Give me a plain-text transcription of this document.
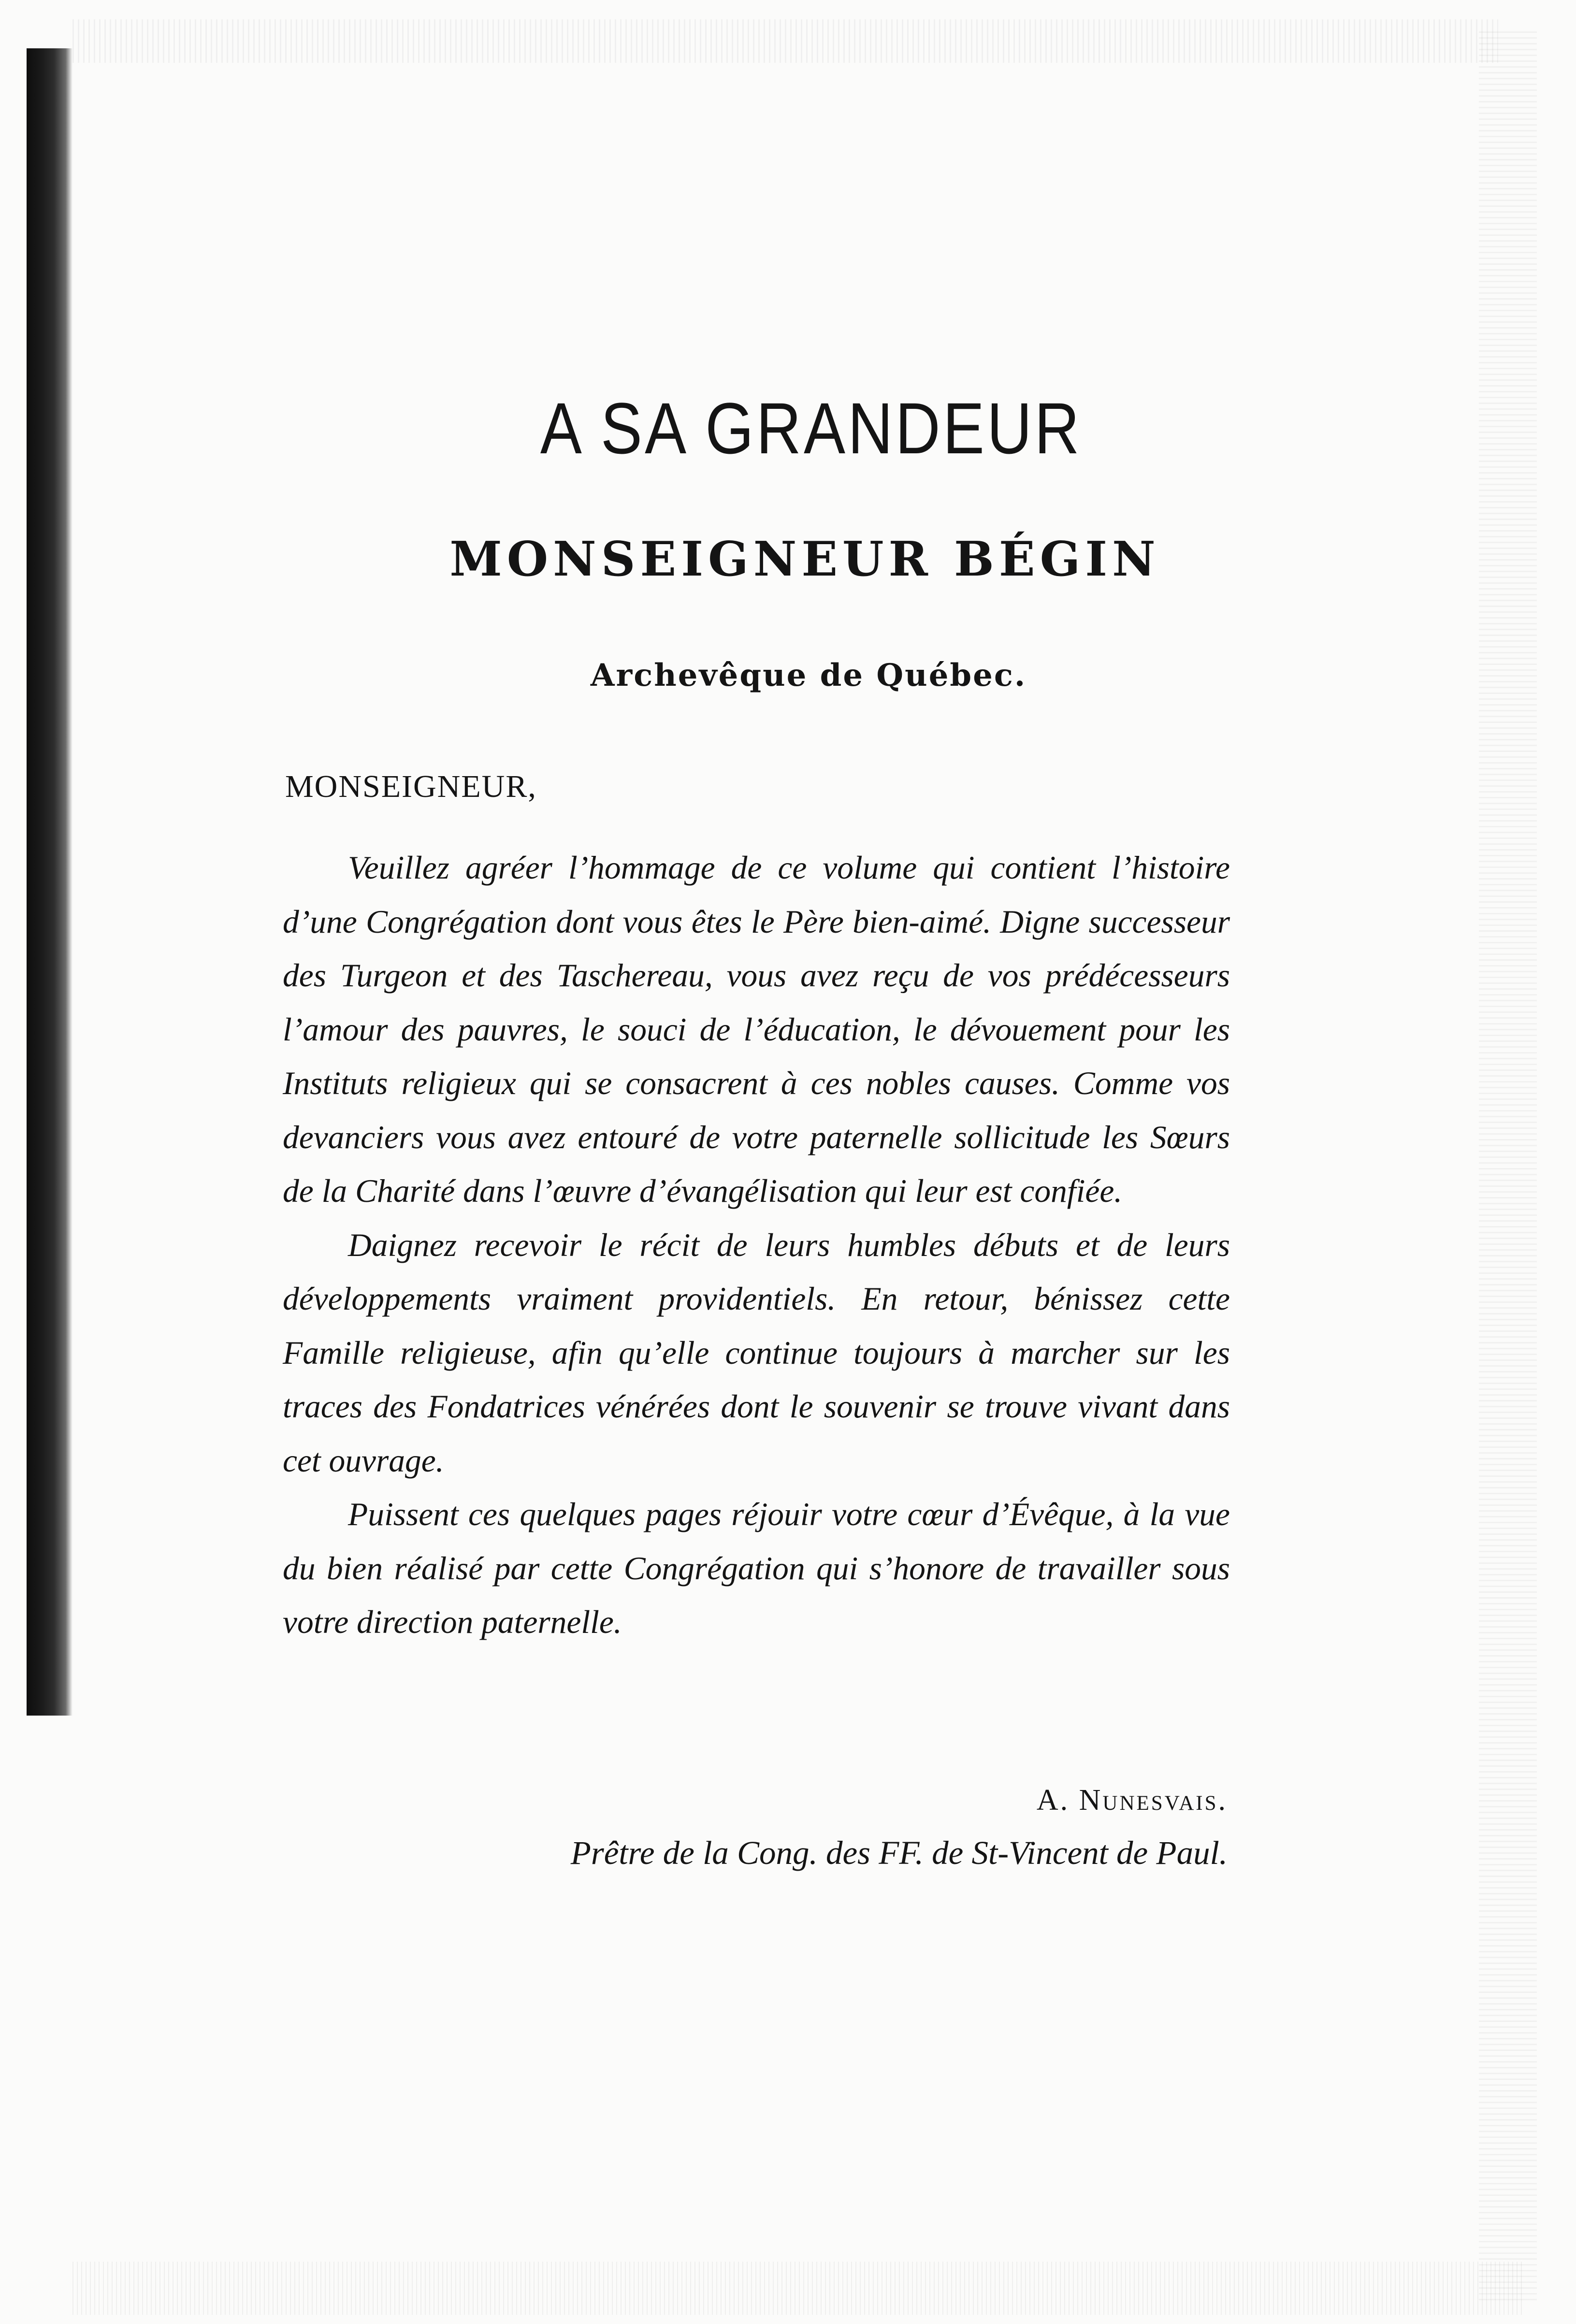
A SA GRANDEUR
MONSEIGNEUR BÉGIN
Archevêque de Québec.
MONSEIGNEUR,

Veuillez agréer l’hommage de ce volume qui contient l’histoire d’une Congrégation dont vous êtes le Père bien-aimé. Digne successeur des Turgeon et des Taschereau, vous avez reçu de vos prédécesseurs l’amour des pauvres, le souci de l’éducation, le dévouement pour les Instituts religieux qui se consacrent à ces nobles causes. Comme vos devanciers vous avez entouré de votre paternelle sollicitude les Sœurs de la Charité dans l’œuvre d’évangélisation qui leur est confiée.

Daignez recevoir le récit de leurs humbles débuts et de leurs développements vraiment providentiels. En retour, bénissez cette Famille religieuse, afin qu’elle continue toujours à marcher sur les traces des Fondatrices vénérées dont le souvenir se trouve vivant dans cet ouvrage.

Puissent ces quelques pages réjouir votre cœur d’Évêque, à la vue du bien réalisé par cette Congrégation qui s’honore de travailler sous votre direction paternelle.

A. Nunesvais.
Prêtre de la Cong. des FF. de St-Vincent de Paul.
